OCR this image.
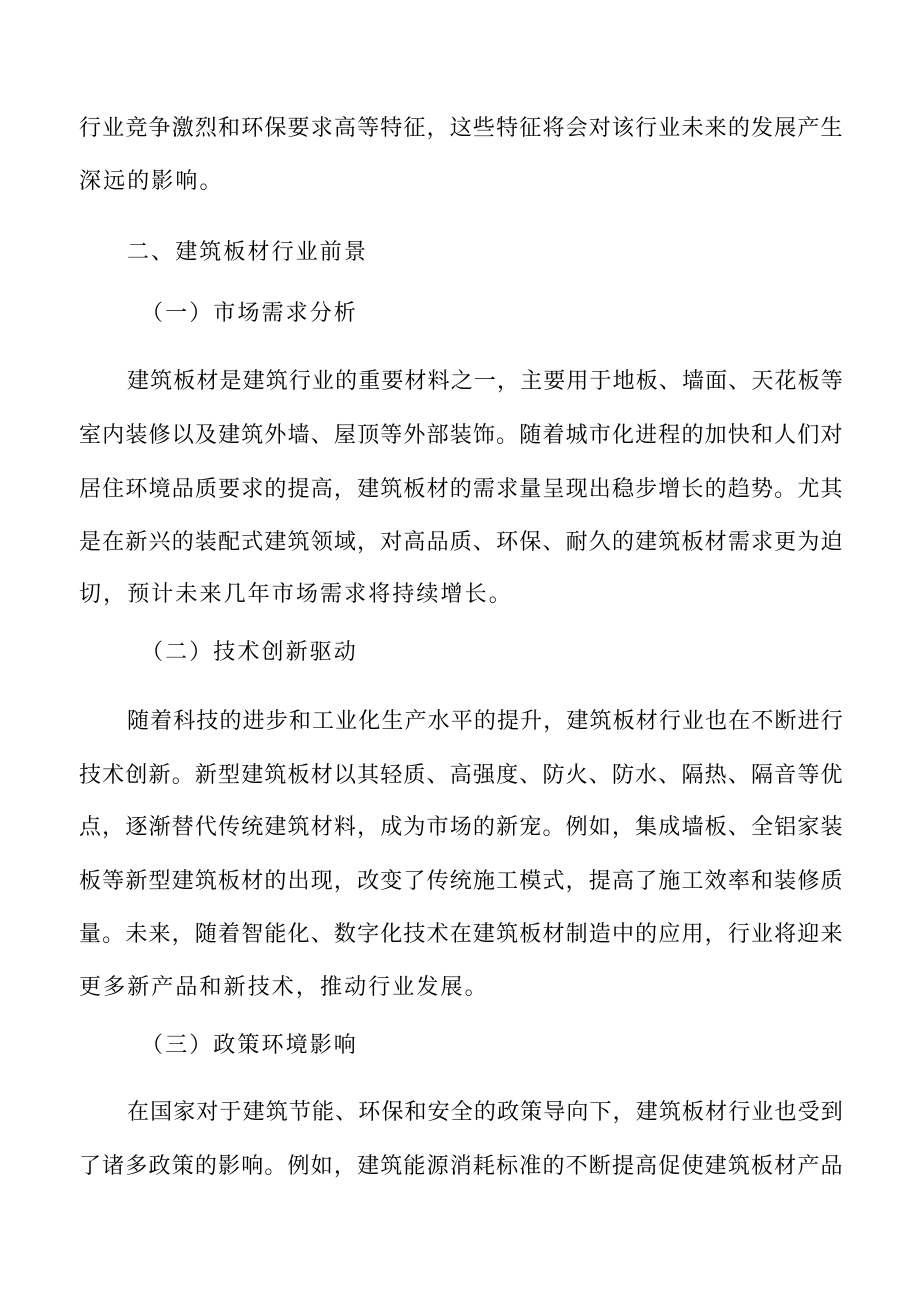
行 业 竞 争 激 烈 和 环 保 要 求 高 等 特 征 ， 这 些 特 征 将 会 对 该 行 业 未 来 的 发 展 产 生
深远的影响。
二、建筑板材行业前景
（一）市场需求分析
建 筑 板 材 是 建 筑 行 业 的 重 要 材 料 之 一 ， 主 要 用 于 地 板 、 墙 面 、 天 花 板 等
室 内 装 修 以 及 建 筑 外 墙 、 屋 顶 等 外 部 装 饰 。 随 着 城 市 化 进 程 的 加 快 和 人 们 对
居 住 环 境 品 质 要 求 的 提 高 ， 建 筑 板 材 的 需 求 量 呈 现 出 稳 步 增 长 的 趋 势 。 尤 其
是 在 新 兴 的 装 配 式 建 筑 领 域 ， 对 高 品 质 、 环 保 、 耐 久 的 建 筑 板 材 需 求 更 为 迫
切，预计未来几年市场需求将持续增长。
（二）技术创新驱动
随 着 科 技 的 进 步 和 工 业 化 生 产 水 平 的 提 升 ， 建 筑 板 材 行 业 也 在 不 断 进 行
技 术 创 新 。 新 型 建 筑 板 材 以 其 轻 质 、 高 强 度 、 防 火 、 防 水 、 隔 热 、 隔 音 等 优
点 ， 逐 渐 替 代 传 统 建 筑 材 料 ， 成 为 市 场 的 新 宠 。 例 如 ， 集 成 墙 板 、 全 铝 家 装
板 等 新 型 建 筑 板 材 的 出 现 ， 改 变 了 传 统 施 工 模 式 ， 提 高 了 施 工 效 率 和 装 修 质
量 。 未 来 ， 随 着 智 能 化 、 数 字 化 技 术 在 建 筑 板 材 制 造 中 的 应 用 ， 行 业 将 迎 来
更多新产品和新技术，推动行业发展。
（三）政策环境影响
在 国 家 对 于 建 筑 节 能 、 环 保 和 安 全 的 政 策 导 向 下 ， 建 筑 板 材 行 业 也 受 到
了 诸 多 政 策 的 影 响 。 例 如 ， 建 筑 能 源 消 耗 标 准 的 不 断 提 高 促 使 建 筑 板 材 产 品
